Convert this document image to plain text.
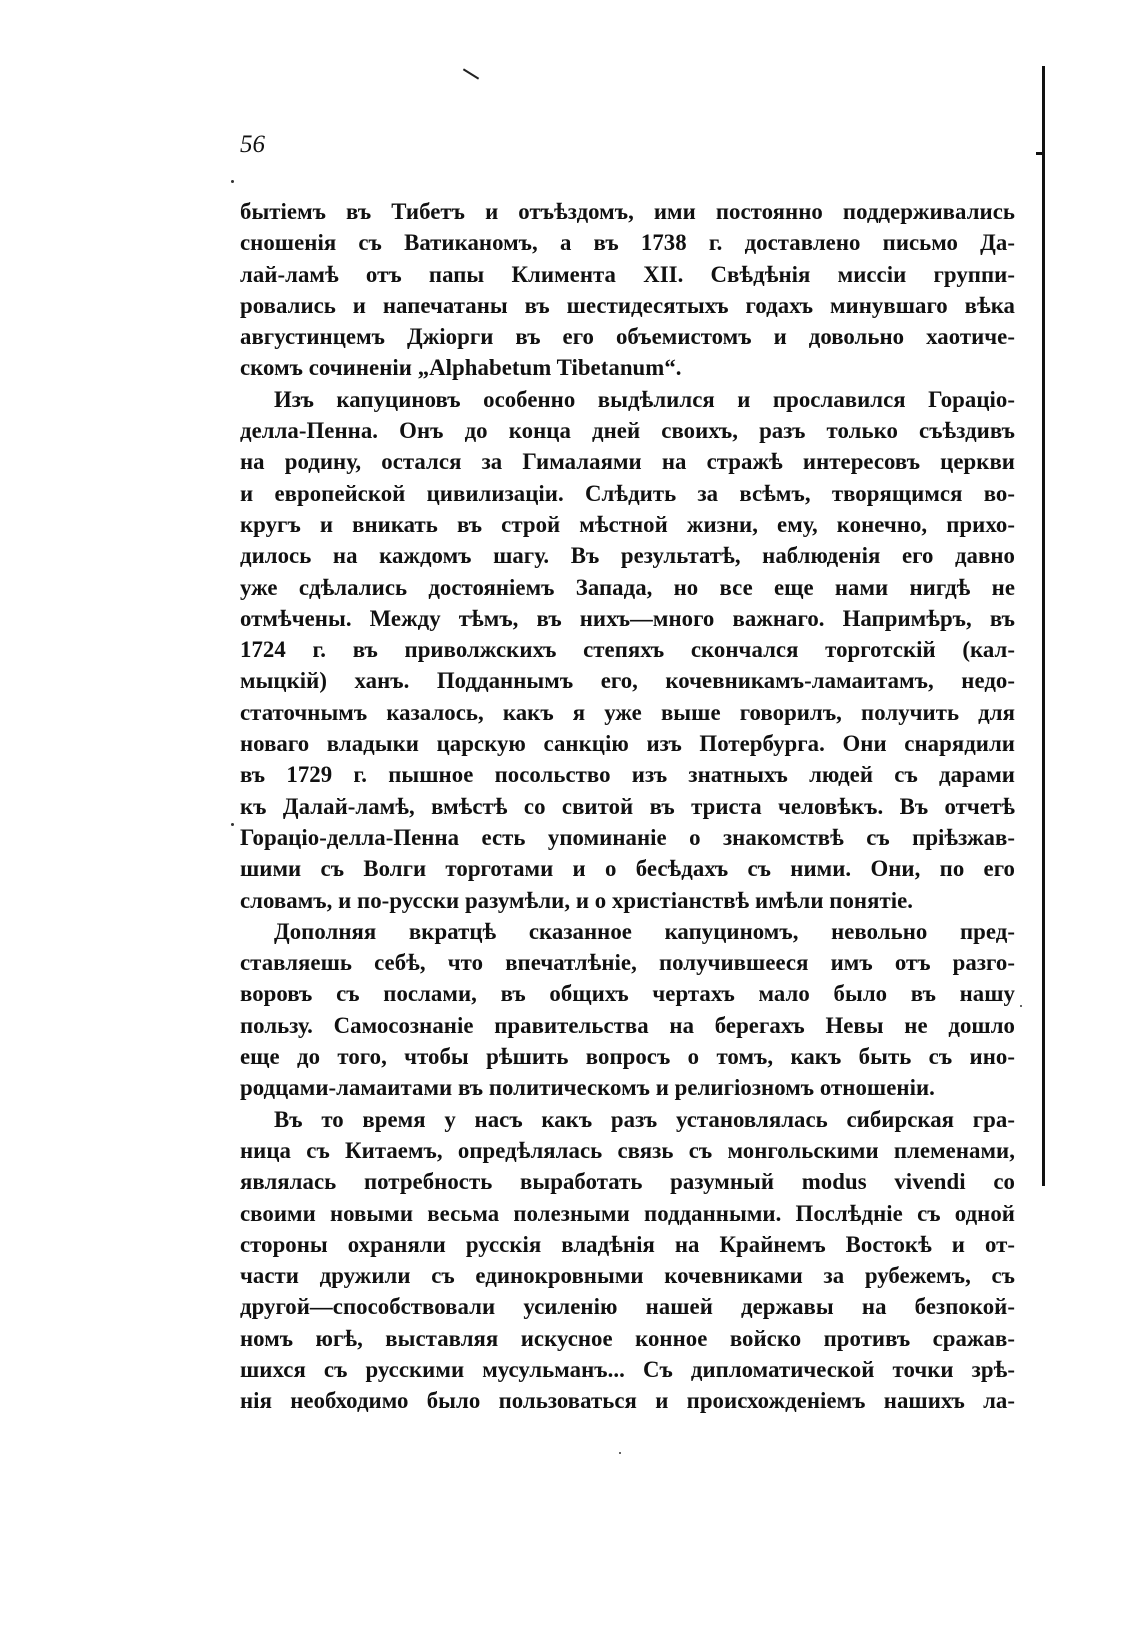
56
бытіемъ въ Тибетъ и отъѣздомъ, ими постоянно поддерживались
сношенія съ Ватиканомъ, а въ 1738 г. доставлено письмо Да-
лай-ламѣ отъ папы Климента XII. Свѣдѣнія миссіи группи-
ровались и напечатаны въ шестидесятыхъ годахъ минувшаго вѣка
августинцемъ Джіорги въ его объемистомъ и довольно хаотиче-
скомъ сочиненіи „Alphabetum Tibetanum“.
Изъ капуциновъ особенно выдѣлился и прославился Гораціо-
делла-Пенна. Онъ до конца дней своихъ, разъ только съѣздивъ
на родину, остался за Гималаями на стражѣ интересовъ церкви
и европейской цивилизаціи. Слѣдить за всѣмъ, творящимся во-
кругъ и вникать въ строй мѣстной жизни, ему, конечно, прихо-
дилось на каждомъ шагу. Въ результатѣ, наблюденія его давно
уже сдѣлались достояніемъ Запада, но все еще нами нигдѣ не
отмѣчены. Между тѣмъ, въ нихъ—много важнаго. Напримѣръ, въ
1724 г. въ приволжскихъ степяхъ скончался торготскій (кал-
мыцкій) ханъ. Подданнымъ его, кочевникамъ-ламаитамъ, недо-
статочнымъ казалось, какъ я уже выше говорилъ, получить для
новаго владыки царскую санкцію изъ Потербурга. Они снарядили
въ 1729 г. пышное посольство изъ знатныхъ людей съ дарами
къ Далай-ламѣ, вмѣстѣ со свитой въ триста человѣкъ. Въ отчетѣ
Гораціо-делла-Пенна есть упоминаніе о знакомствѣ съ пріѣзжав-
шими съ Волги торготами и о бесѣдахъ съ ними. Они, по его
словамъ, и по-русски разумѣли, и о христіанствѣ имѣли понятіе.
Дополняя вкратцѣ сказанное капуциномъ, невольно пред-
ставляешь себѣ, что впечатлѣніе, получившееся имъ отъ разго-
воровъ съ послами, въ общихъ чертахъ мало было въ нашу
пользу. Самосознаніе правительства на берегахъ Невы не дошло
еще до того, чтобы рѣшить вопросъ о томъ, какъ быть съ ино-
родцами-ламаитами въ политическомъ и религіозномъ отношеніи.
Въ то время у насъ какъ разъ установлялась сибирская гра-
ница съ Китаемъ, опредѣлялась связь съ монгольскими племенами,
являлась потребность выработать разумный modus vivendi со
своими новыми весьма полезными подданными. Послѣдніе съ одной
стороны охраняли русскія владѣнія на Крайнемъ Востокѣ и от-
части дружили съ единокровными кочевниками за рубежемъ, съ
другой—способствовали усиленію нашей державы на безпокой-
номъ югѣ, выставляя искусное конное войско противъ сражав-
шихся съ русскими мусульманъ... Съ дипломатической точки зрѣ-
нія необходимо было пользоваться и происхожденіемъ нашихъ ла-
